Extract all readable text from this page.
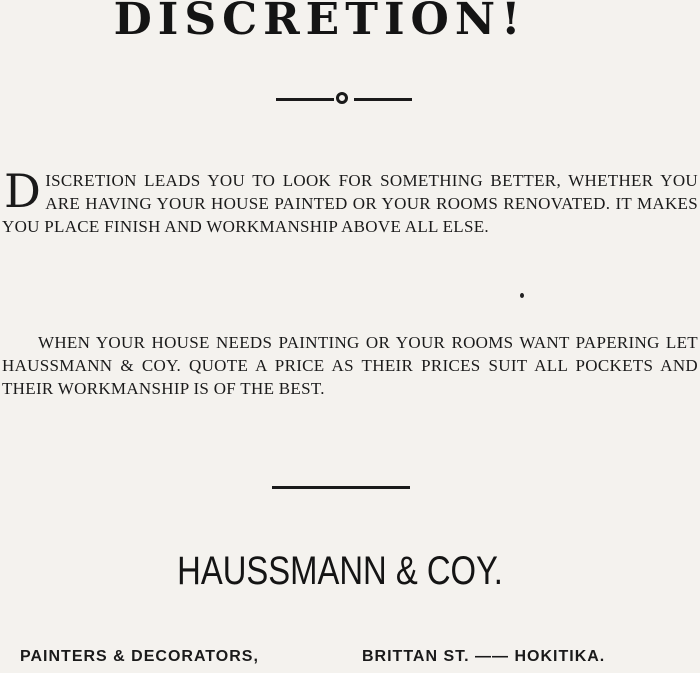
DISCRETION!

DISCRETION LEADS YOU TO LOOK FOR SOMETHING BETTER, WHETHER YOU ARE HAVING YOUR HOUSE PAINTED OR YOUR ROOMS RENOVATED. IT MAKES YOU PLACE FINISH AND WORKMANSHIP ABOVE ALL ELSE.

WHEN YOUR HOUSE NEEDS PAINTING OR YOUR ROOMS WANT PAPERING LET HAUSSMANN & COY. QUOTE A PRICE AS THEIR PRICES SUIT ALL POCKETS AND THEIR WORKMANSHIP IS OF THE BEST.

HAUSSMANN & COY.
PAINTERS & DECORATORS,	BRITTAN ST. —— HOKITIKA.
